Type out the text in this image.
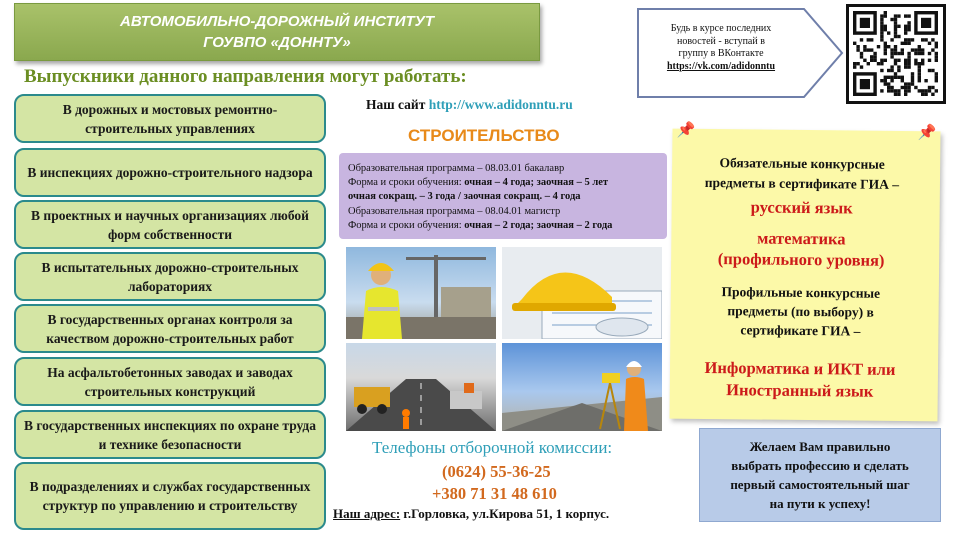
АВТОМОБИЛЬНО-ДОРОЖНЫЙ ИНСТИТУТ
ГОУВПО «ДОННТУ»
Выпускники данного направления могут работать:
В дорожных и мостовых ремонтно-строительных управлениях
В инспекциях дорожно-строительного надзора
В проектных и научных организациях любой форм собственности
В испытательных дорожно-строительных лабораториях
В государственных органах контроля за качеством дорожно-строительных работ
На асфальтобетонных заводах и заводах строительных конструкций
В государственных инспекциях по охране труда и технике безопасности
В подразделениях и службах государственных структур по управлению и строительству
Наш сайт http://www.adidonntu.ru
СТРОИТЕЛЬСТВО
Образовательная программа – 08.03.01 бакалавр
Форма и сроки обучения: очная – 4 года; заочная – 5 лет
очная сокращ. – 3 года / заочная сокращ. – 4 года
Образовательная программа – 08.04.01 магистр
Форма и сроки обучения: очная – 2 года; заочная – 2 года
Телефоны отборочной комиссии:
(0624) 55-36-25
+380 71 31 48 610
Наш адрес: г.Горловка, ул.Кирова 51, 1 корпус.
Будь в курсе последних
новостей - вступай в
группу в ВКонтакте
https://vk.com/adidonntu
📌	📌
Обязательные конкурсные
предметы в сертификате ГИА –
русский язык
математика
(профильного уровня)
Профильные конкурсные
предметы (по выбору) в
сертификате ГИА –
Информатика и ИКТ или
Иностранный язык
Желаем Вам правильно
выбрать профессию и сделать
первый самостоятельный шаг
на пути к успеху!
